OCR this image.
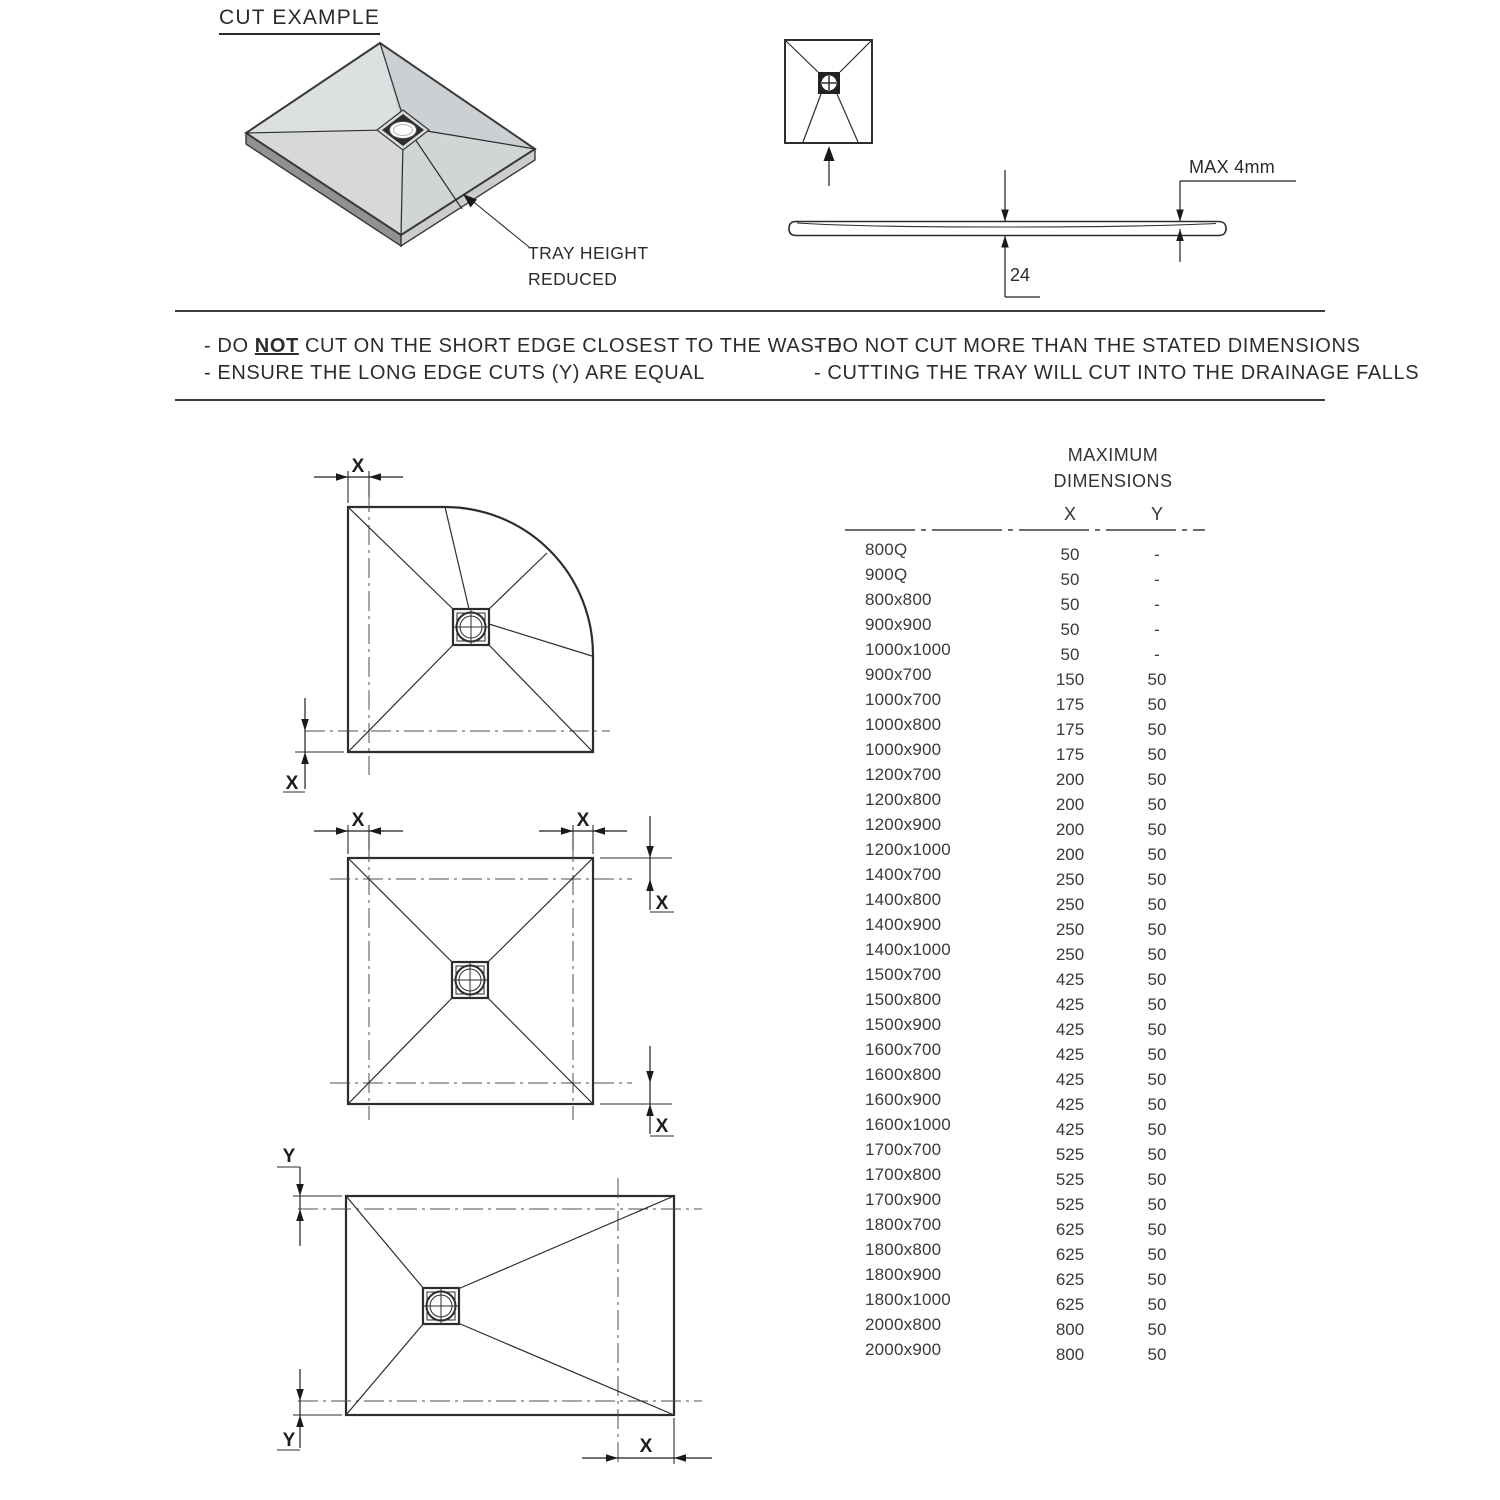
CUT EXAMPLE
TRAY HEIGHT
REDUCED
MAX 4mm
24
- DO NOT CUT ON THE SHORT EDGE CLOSEST TO THE WASTE
- ENSURE THE LONG EDGE CUTS (Y) ARE EQUAL
- DO NOT CUT MORE THAN THE STATED DIMENSIONS
- CUTTING THE TRAY WILL CUT INTO THE DRAINAGE FALLS
X
X
X	X
X
X
Y
Y	X
MAXIMUM
DIMENSIONS
X	Y
800Q	50	-
900Q	50	-
800x800	50	-
900x900	50	-
1000x1000	50	-
900x700	150	50
1000x700	175	50
1000x800	175	50
1000x900	175	50
1200x700	200	50
1200x800	200	50
1200x900	200	50
1200x1000	200	50
1400x700	250	50
1400x800	250	50
1400x900	250	50
1400x1000	250	50
1500x700	425	50
1500x800	425	50
1500x900	425	50
1600x700	425	50
1600x800	425	50
1600x900	425	50
1600x1000	425	50
1700x700	525	50
1700x800	525	50
1700x900	525	50
1800x700	625	50
1800x800	625	50
1800x900	625	50
1800x1000	625	50
2000x800	800	50
2000x900	800	50
